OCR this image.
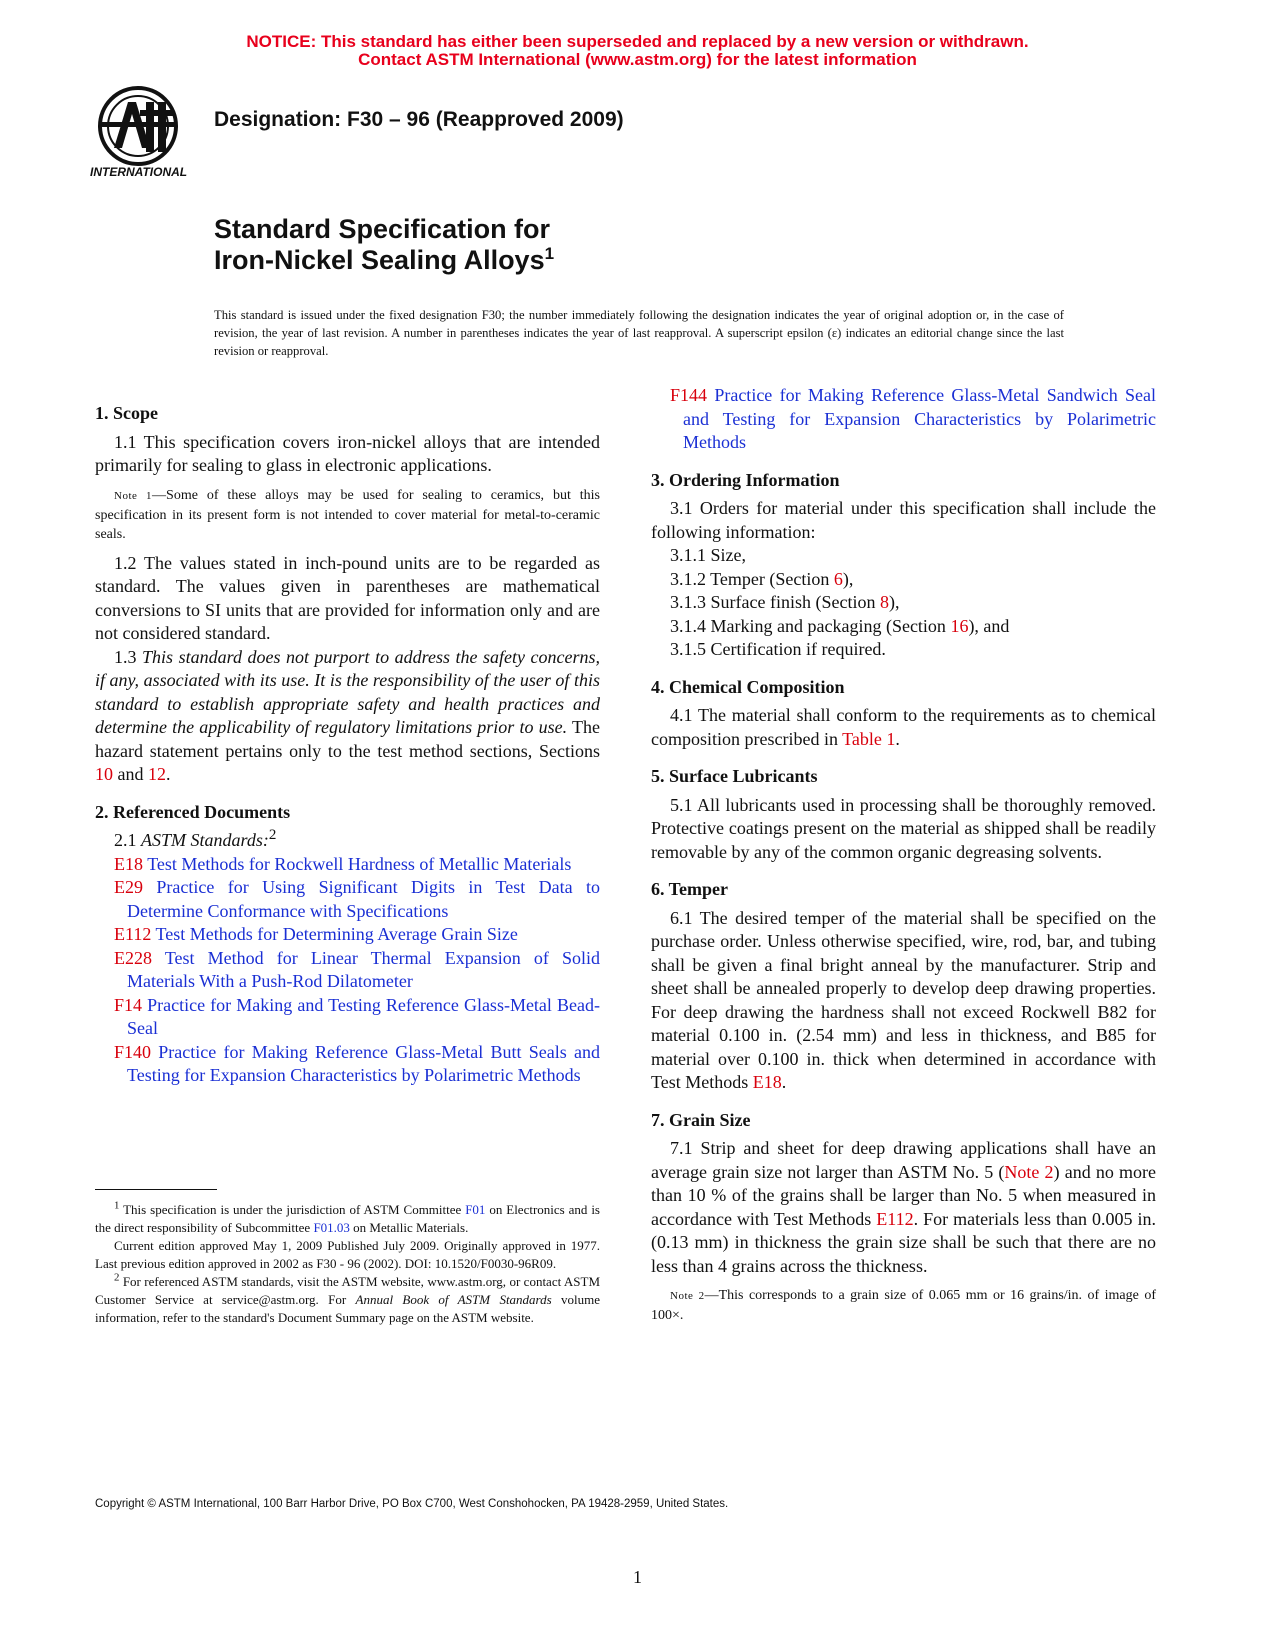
NOTICE: This standard has either been superseded and replaced by a new version or withdrawn.
Contact ASTM International (www.astm.org) for the latest information
INTERNATIONAL
Designation: F30 – 96 (Reapproved 2009)
Standard Specification for
Iron-Nickel Sealing Alloys$^1$
This standard is issued under the fixed designation F30; the number immediately following the designation indicates the year of original adoption or, in the case of revision, the year of last revision. A number in parentheses indicates the year of last reapproval. A superscript epsilon (ε) indicates an editorial change since the last revision or reapproval.
1. Scope

1.1 This specification covers iron-nickel alloys that are intended primarily for sealing to glass in electronic applications.

Note 1—Some of these alloys may be used for sealing to ceramics, but this specification in its present form is not intended to cover material for metal-to-ceramic seals.

1.2 The values stated in inch-pound units are to be regarded as standard. The values given in parentheses are mathematical conversions to SI units that are provided for information only and are not considered standard.

1.3 This standard does not purport to address the safety concerns, if any, associated with its use. It is the responsibility of the user of this standard to establish appropriate safety and health practices and determine the applicability of regulatory limitations prior to use. The hazard statement pertains only to the test method sections, Sections 10 and 12.

2. Referenced Documents

2.1 ASTM Standards:$^2$

E18 Test Methods for Rockwell Hardness of Metallic Materials

E29 Practice for Using Significant Digits in Test Data to Determine Conformance with Specifications

E112 Test Methods for Determining Average Grain Size

E228 Test Method for Linear Thermal Expansion of Solid Materials With a Push-Rod Dilatometer

F14 Practice for Making and Testing Reference Glass-Metal Bead-Seal

F140 Practice for Making Reference Glass-Metal Butt Seals and Testing for Expansion Characteristics by Polarimetric Methods

$^1$ This specification is under the jurisdiction of ASTM Committee F01 on Electronics and is the direct responsibility of Subcommittee F01.03 on Metallic Materials.

Current edition approved May 1, 2009 Published July 2009. Originally approved in 1977. Last previous edition approved in 2002 as F30 - 96 (2002). DOI: 10.1520/F0030-96R09.

$^2$ For referenced ASTM standards, visit the ASTM website, www.astm.org, or contact ASTM Customer Service at service@astm.org. For Annual Book of ASTM Standards volume information, refer to the standard's Document Summary page on the ASTM website.

F144 Practice for Making Reference Glass-Metal Sandwich Seal and Testing for Expansion Characteristics by Polarimetric Methods

3. Ordering Information

3.1 Orders for material under this specification shall include the following information:

3.1.1 Size,

3.1.2 Temper (Section 6),

3.1.3 Surface finish (Section 8),

3.1.4 Marking and packaging (Section 16), and

3.1.5 Certification if required.

4. Chemical Composition

4.1 The material shall conform to the requirements as to chemical composition prescribed in Table 1.

5. Surface Lubricants

5.1 All lubricants used in processing shall be thoroughly removed. Protective coatings present on the material as shipped shall be readily removable by any of the common organic degreasing solvents.

6. Temper

6.1 The desired temper of the material shall be specified on the purchase order. Unless otherwise specified, wire, rod, bar, and tubing shall be given a final bright anneal by the manufacturer. Strip and sheet shall be annealed properly to develop deep drawing properties. For deep drawing the hardness shall not exceed Rockwell B82 for material 0.100 in. (2.54 mm) and less in thickness, and B85 for material over 0.100 in. thick when determined in accordance with Test Methods E18.

7. Grain Size

7.1 Strip and sheet for deep drawing applications shall have an average grain size not larger than ASTM No. 5 (Note 2) and no more than 10 % of the grains shall be larger than No. 5 when measured in accordance with Test Methods E112. For materials less than 0.005 in. (0.13 mm) in thickness the grain size shall be such that there are no less than 4 grains across the thickness.

Note 2—This corresponds to a grain size of 0.065 mm or 16 grains/in. of image of 100×.

Copyright © ASTM International, 100 Barr Harbor Drive, PO Box C700, West Conshohocken, PA 19428-2959, United States.
1
